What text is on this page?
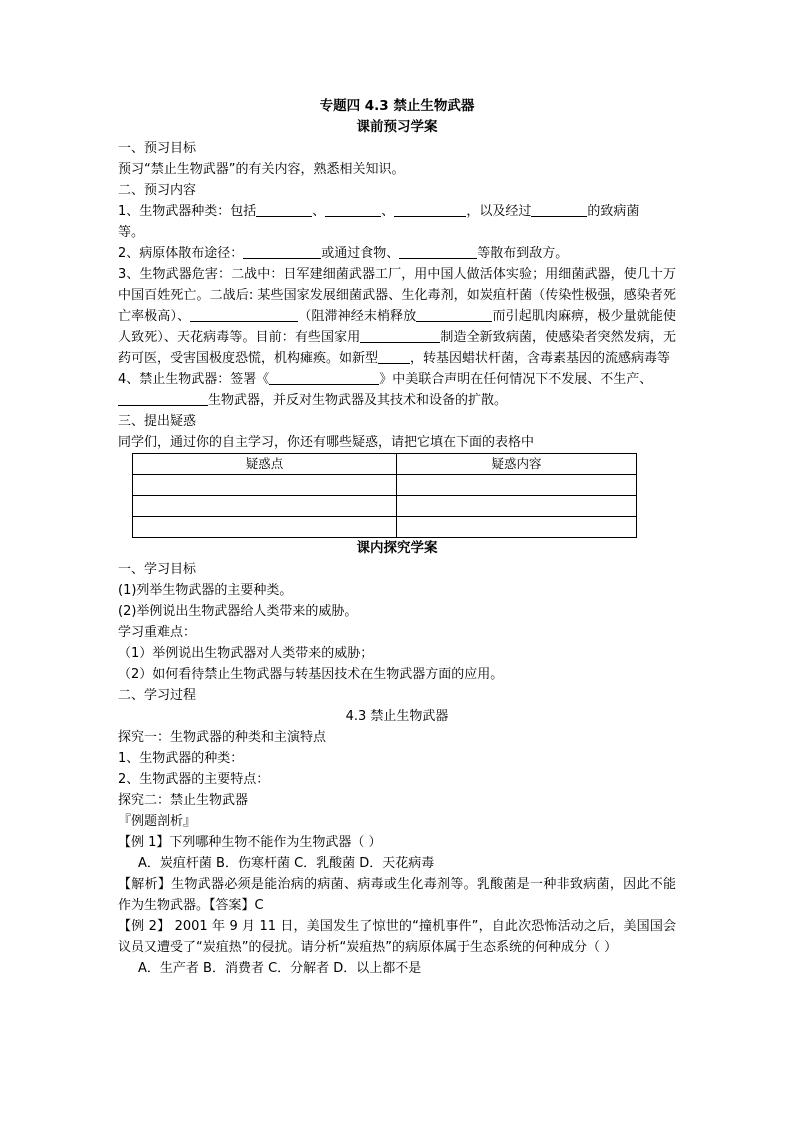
专题四 4.3 禁止生物武器
课前预习学案
一、预习目标
预习“禁止生物武器”的有关内容，熟悉相关知识。
二、预习内容
1、生物武器种类：包括	、	、	，以及经过	的致病菌
等。
2、病原体散布途径：	或通过食物、	等散布到敌方。
3、生物武器危害：二战中：日军建细菌武器工厂，用中国人做活体实验；用细菌武器，使几十万中国百姓死亡。二战后: 某些国家发展细菌武器、生化毒剂，如炭疽杆菌（传染性极强，感染者死亡率极高）、	（阻滞神经末梢释放	而引起肌肉麻痹，极少量就能使人致死）、天花病毒等。目前：有些国家用	制造全新致病菌，使感染者突然发病，无药可医，受害国极度恐慌，机构瘫痪。如新型 ，转基因蜡状杆菌，含毒素基因的流感病毒等
4、禁止生物武器：签署《	》中美联合声明在任何情况下不发展、不生产、生物武器，并反对生物武器及其技术和设备的扩散。
三、提出疑惑
同学们，通过你的自主学习，你还有哪些疑惑，请把它填在下面的表格中
疑惑点	疑惑内容

课内探究学案
一、学习目标
(1)列举生物武器的主要种类。
(2)举例说出生物武器给人类带来的威胁。
学习重难点：
（1）举例说出生物武器对人类带来的威胁；
（2）如何看待禁止生物武器与转基因技术在生物武器方面的应用。
二、学习过程
4.3 禁止生物武器
探究一：生物武器的种类和主演特点
1、生物武器的种类：
2、生物武器的主要特点：
探究二：禁止生物武器
『例题剖析』
【例 1】下列哪种生物不能作为生物武器（ ）
A．炭疽杆菌 B．伤寒杆菌 C．乳酸菌 D．天花病毒
【解析】生物武器必须是能治病的病菌、病毒或生化毒剂等。乳酸菌是一种非致病菌，因此不能作为生物武器。【答案】C
【例 2】 2001 年 9 月 11 日，美国发生了惊世的“撞机事件”，自此次恐怖活动之后，美国国会议员又遭受了“炭疽热”的侵扰。请分析“炭疽热”的病原体属于生态系统的何种成分（ ）
A．生产者 B．消费者 C．分解者 D．以上都不是
